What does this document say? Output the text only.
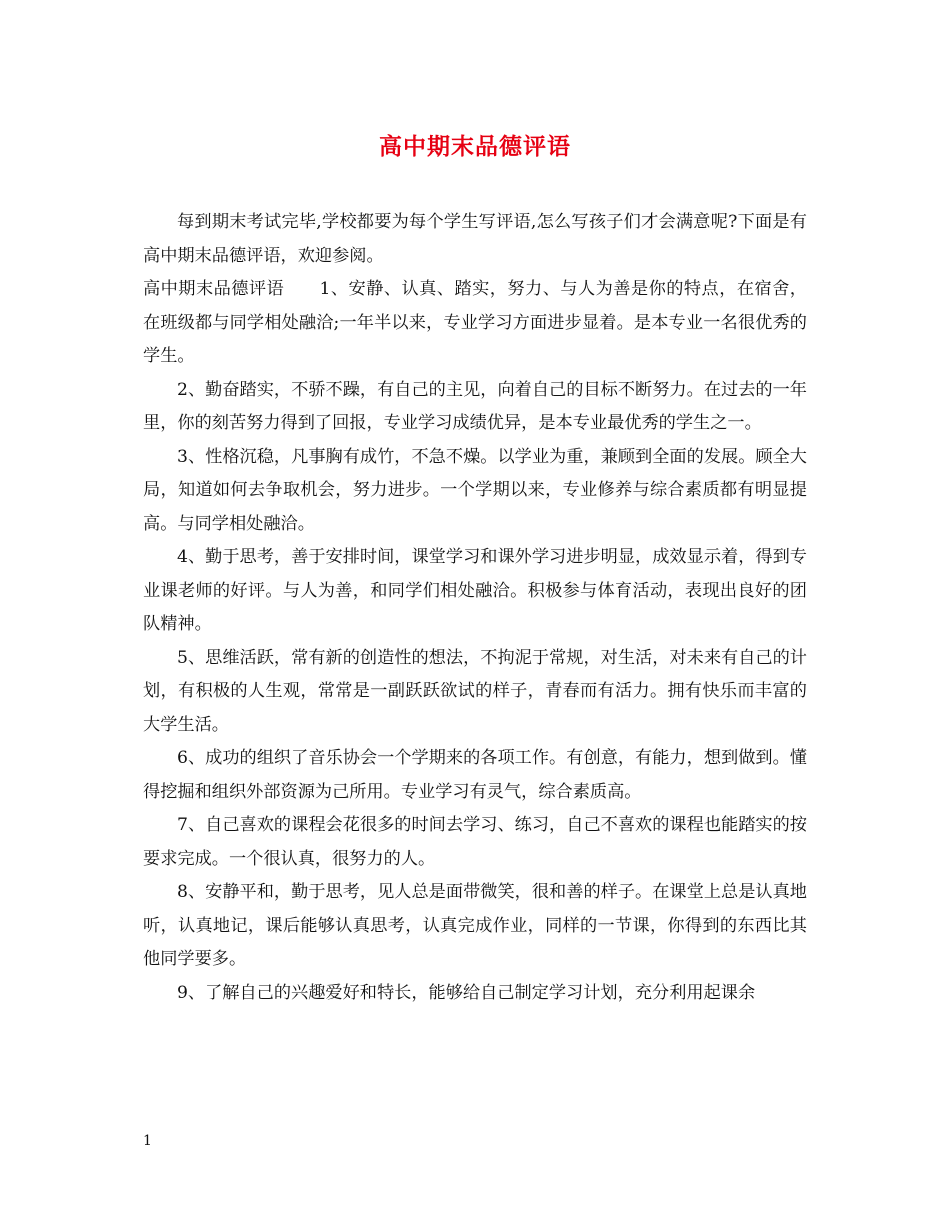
高中期末品德评语

每到期末考试完毕,学校都要为每个学生写评语,怎么写孩子们才会满意呢?下面是有高中期末品德评语，欢迎参阅。

高中期末品德评语　　1、安静、认真、踏实，努力、与人为善是你的特点，在宿舍，在班级都与同学相处融洽;一年半以来，专业学习方面进步显着。是本专业一名很优秀的学生。

2、勤奋踏实，不骄不躁，有自己的主见，向着自己的目标不断努力。在过去的一年里，你的刻苦努力得到了回报，专业学习成绩优异，是本专业最优秀的学生之一。

3、性格沉稳，凡事胸有成竹，不急不燥。以学业为重，兼顾到全面的发展。顾全大局，知道如何去争取机会，努力进步。一个学期以来，专业修养与综合素质都有明显提高。与同学相处融洽。

4、勤于思考，善于安排时间，课堂学习和课外学习进步明显，成效显示着，得到专业课老师的好评。与人为善，和同学们相处融洽。积极参与体育活动，表现出良好的团队精神。

5、思维活跃，常有新的创造性的想法，不拘泥于常规，对生活，对未来有自己的计划，有积极的人生观，常常是一副跃跃欲试的样子，青春而有活力。拥有快乐而丰富的大学生活。

6、成功的组织了音乐协会一个学期来的各项工作。有创意，有能力，想到做到。懂得挖掘和组织外部资源为己所用。专业学习有灵气，综合素质高。

7、自己喜欢的课程会花很多的时间去学习、练习，自己不喜欢的课程也能踏实的按要求完成。一个很认真，很努力的人。

8、安静平和，勤于思考，见人总是面带微笑，很和善的样子。在课堂上总是认真地听，认真地记，课后能够认真思考，认真完成作业，同样的一节课，你得到的东西比其他同学要多。

9、了解自己的兴趣爱好和特长，能够给自己制定学习计划，充分利用起课余

1
